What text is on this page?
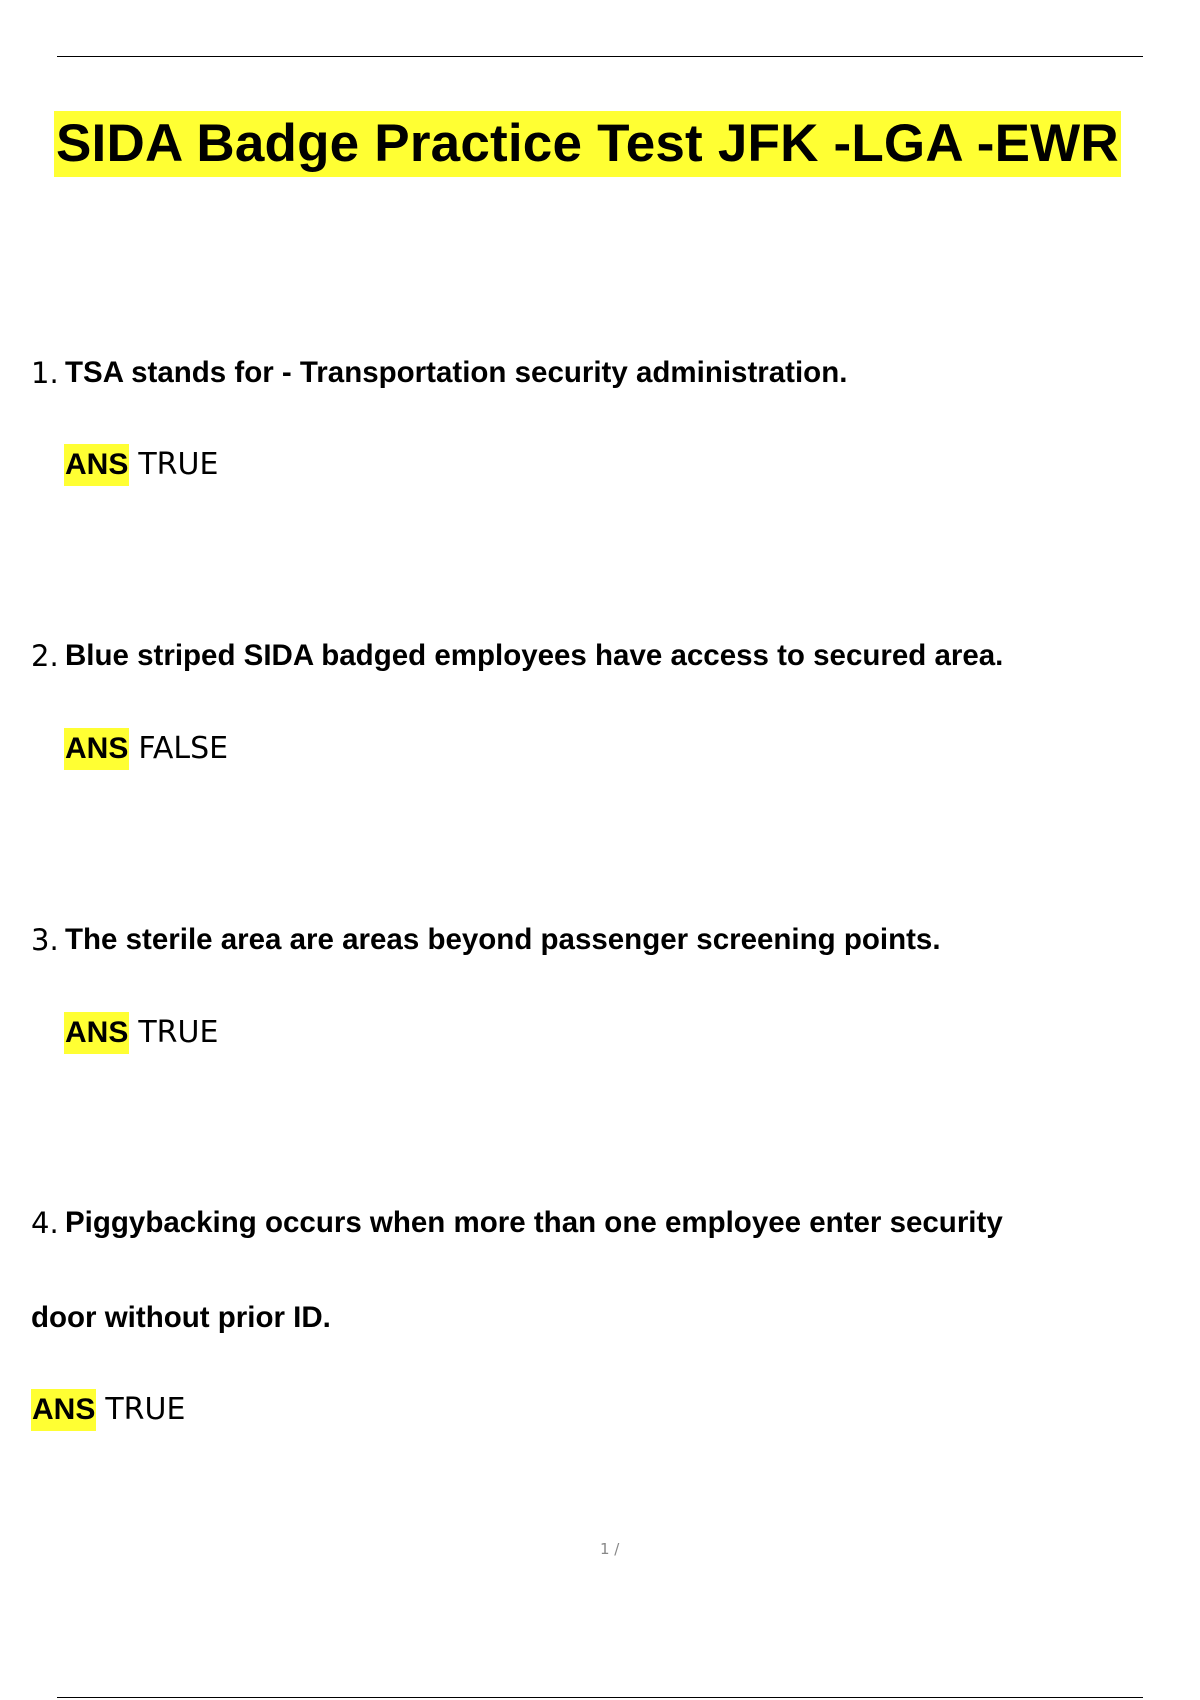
SIDA Badge Practice Test JFK -LGA -EWR
1. TSA stands for - Transportation security administration.
ANS TRUE
2. Blue striped SIDA badged employees have access to secured area.
ANS FALSE
3. The sterile area are areas beyond passenger screening points.
ANS TRUE
4. Piggybacking occurs when more than one employee enter security
door without prior ID.
ANS TRUE
1 /
